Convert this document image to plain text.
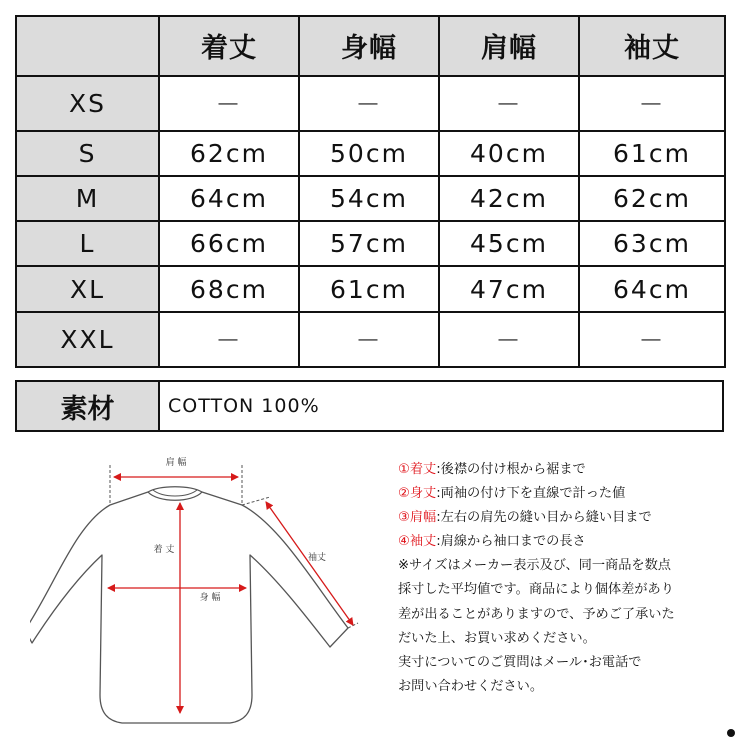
	着丈	身幅	肩幅	袖丈
XS	－	－	－	－
S	62cm	50cm	40cm	61cm
M	64cm	54cm	42cm	62cm
L	66cm	57cm	45cm	63cm
XL	68cm	61cm	47cm	64cm
XXL	－	－	－	－
素材	COTTON 100%
肩 幅
着 丈
身 幅
袖丈
①着丈:後襟の付け根から裾まで
②身丈:両袖の付け下を直線で計った値
③肩幅:左右の肩先の縫い目から縫い目まで
④袖丈:肩線から袖口までの長さ
※サイズはメーカー表示及び、同一商品を数点
採寸した平均値です。商品により個体差があり
差が出ることがありますので、予めご了承いた
だいた上、お買い求めください。
実寸についてのご質問はメール･お電話で
お問い合わせください。
